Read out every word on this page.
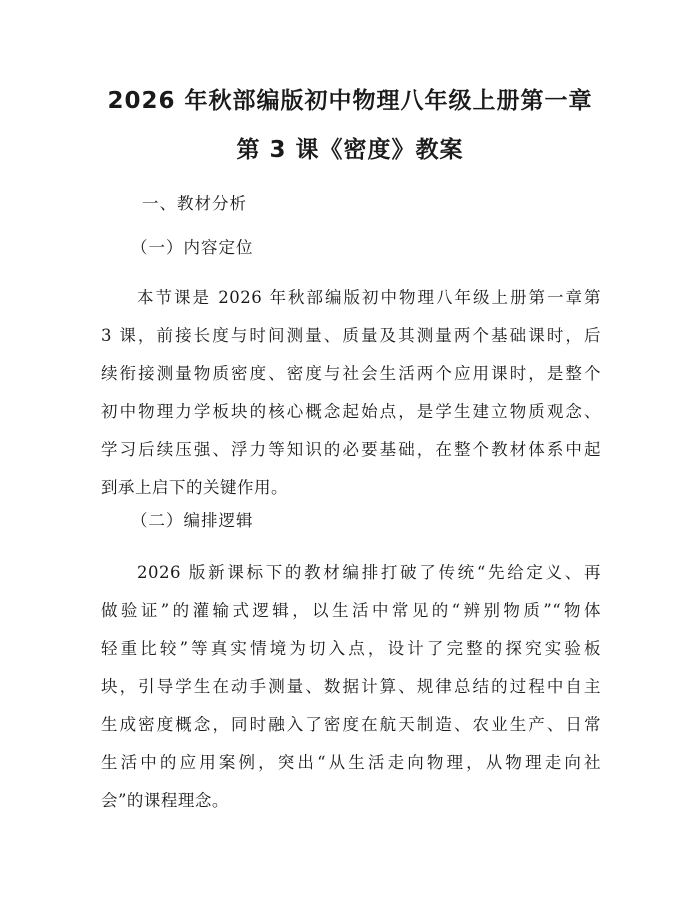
2026 年秋部编版初中物理八年级上册第一章
第 3 课《密度》教案
一、教材分析
（一）内容定位
本节课是 2026 年秋部编版初中物理八年级上册第一章第
3 课，前接长度与时间测量、质量及其测量两个基础课时，后
续衔接测量物质密度、密度与社会生活两个应用课时，是整个
初中物理力学板块的核心概念起始点，是学生建立物质观念、
学习后续压强、浮力等知识的必要基础，在整个教材体系中起
到承上启下的关键作用。
（二）编排逻辑
2026 版新课标下的教材编排打破了传统“先给定义、再
做验证”的灌输式逻辑，以生活中常见的“辨别物质”“物体
轻重比较”等真实情境为切入点，设计了完整的探究实验板
块，引导学生在动手测量、数据计算、规律总结的过程中自主
生成密度概念，同时融入了密度在航天制造、农业生产、日常
生活中的应用案例，突出“从生活走向物理，从物理走向社
会”的课程理念。
